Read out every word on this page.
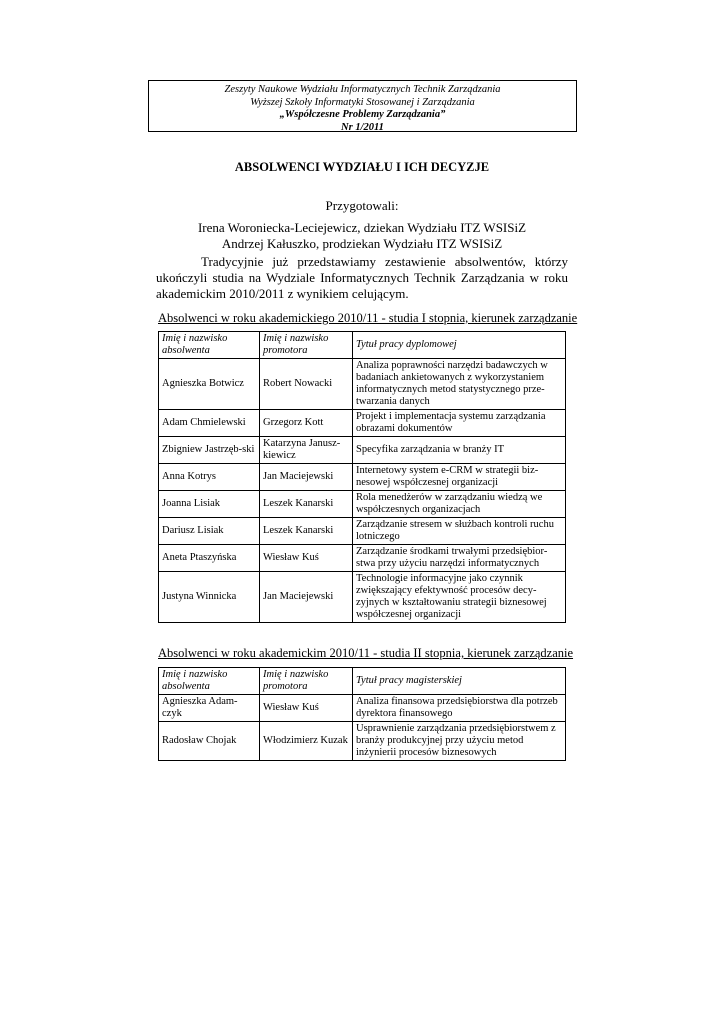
Zeszyty Naukowe Wydziału Informatycznych Technik Zarządzania
Wyższej Szkoły Informatyki Stosowanej i Zarządzania
„Współczesne Problemy Zarządzania”
Nr 1/2011
ABSOLWENCI WYDZIAŁU I ICH DECYZJE
Przygotowali:
Irena Woroniecka-Leciejewicz, dziekan Wydziału ITZ WSISiZ
Andrzej Kałuszko, prodziekan Wydziału ITZ WSISiZ
Tradycyjnie już przedstawiamy zestawienie absolwentów, którzy ukończyli studia na Wydziale Informatycznych Technik Zarządzania w roku akademickim 2010/2011 z wynikiem celującym.
Absolwenci w roku akademickiego 2010/11 - studia I stopnia, kierunek zarządzanie
Imię i nazwisko absolwenta	Imię i nazwisko promotora	Tytuł pracy dyplomowej
Agnieszka Botwicz	Robert Nowacki	Analiza poprawności narzędzi badawczych w badaniach ankietowanych z wykorzystaniem informatycznych metod statystycznego prze-twarzania danych
Adam Chmielewski	Grzegorz Kott	Projekt i implementacja systemu zarządzania obrazami dokumentów
Zbigniew Jastrzęb-ski	Katarzyna Janusz-kiewicz	Specyfika zarządzania w branży IT
Anna Kotrys	Jan Maciejewski	Internetowy system e-CRM w strategii biz-nesowej współczesnej organizacji
Joanna Lisiak	Leszek Kanarski	Rola menedżerów w zarządzaniu wiedzą we współczesnych organizacjach
Dariusz Lisiak	Leszek Kanarski	Zarządzanie stresem w służbach kontroli ruchu lotniczego
Aneta Ptaszyńska	Wiesław Kuś	Zarządzanie środkami trwałymi przedsiębior-stwa przy użyciu narzędzi informatycznych
Justyna Winnicka	Jan Maciejewski	Technologie informacyjne jako czynnik zwiększający efektywność procesów decy-zyjnych w kształtowaniu strategii biznesowej współczesnej organizacji
Absolwenci w roku akademickim 2010/11 - studia II stopnia, kierunek zarządzanie
Imię i nazwisko absolwenta	Imię i nazwisko promotora	Tytuł pracy magisterskiej
Agnieszka Adam-czyk	Wiesław Kuś	Analiza finansowa przedsiębiorstwa dla potrzeb dyrektora finansowego
Radosław Chojak	Włodzimierz Kuzak	Usprawnienie zarządzania przedsiębiorstwem z branży produkcyjnej przy użyciu metod inżynierii procesów biznesowych
